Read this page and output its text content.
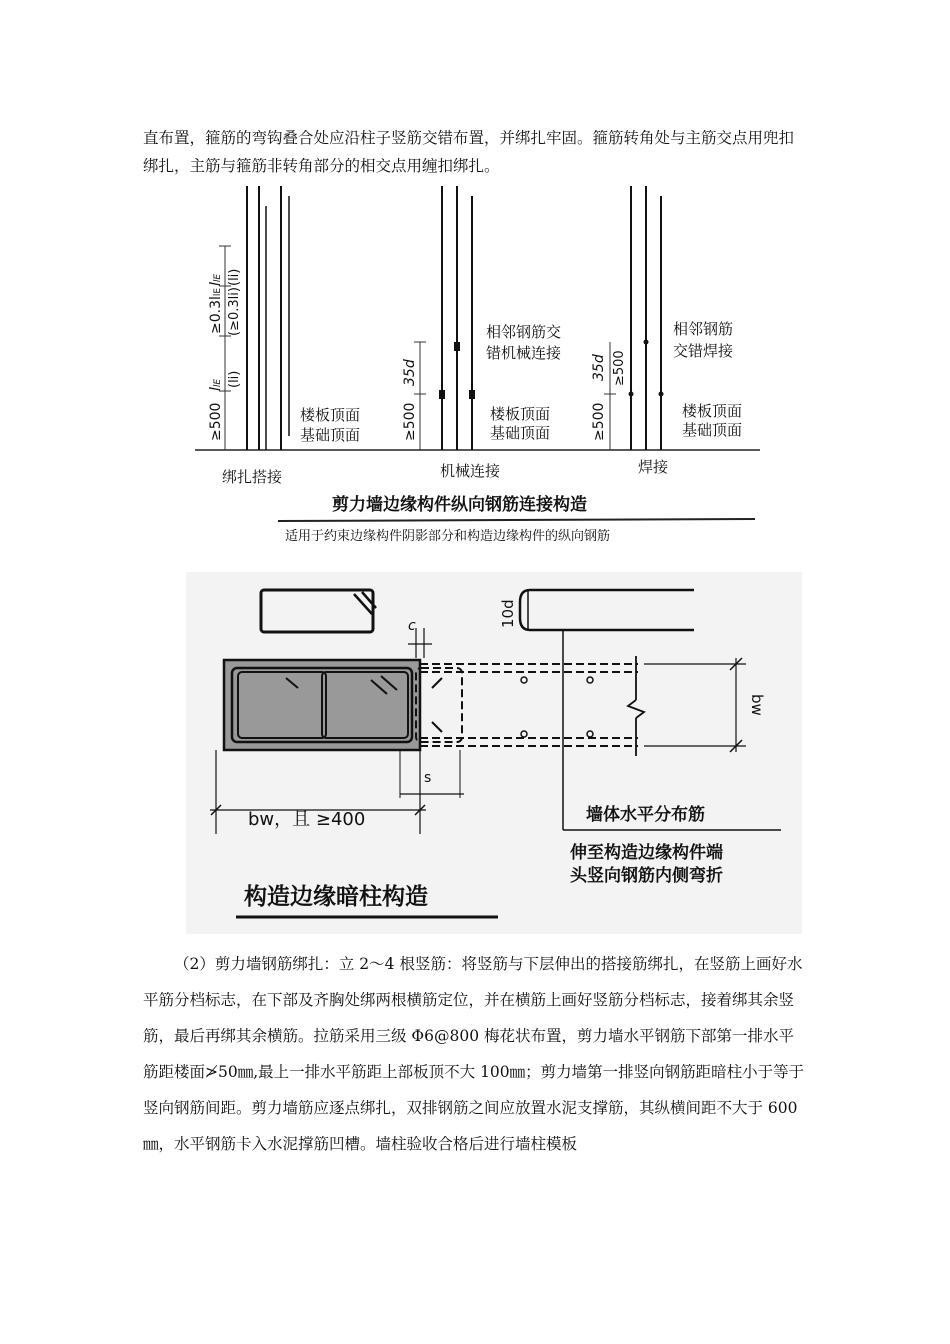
直布置，箍筋的弯钩叠合处应沿柱子竖筋交错布置，并绑扎牢固。箍筋转角处与主筋交点用兜扣绑扎，主筋与箍筋非转角部分的相交点用缠扣绑扎。

≥500
llE (li)
≥0.3llE (≥0.3li)
llE (li)
楼板顶面
基础顶面
绑扎搭接
35d
≥500
相邻钢筋交
错机械连接
楼板顶面
基础顶面
机械连接
35d ≥500
≥500
相邻钢筋
交错焊接
楼板顶面
基础顶面
焊接
剪力墙边缘构件纵向钢筋连接构造
适用于约束边缘构件阴影部分和构造边缘构件的纵向钢筋
10d
c
bw
bw，且 ≥400
s
墙体水平分布筋
伸至构造边缘构件端
头竖向钢筋内侧弯折
构造边缘暗柱构造

（2）剪力墙钢筋绑扎：立 2～4 根竖筋：将竖筋与下层伸出的搭接筋绑扎，在竖筋上画好水平筋分档标志，在下部及齐胸处绑两根横筋定位，并在横筋上画好竖筋分档标志，接着绑其余竖筋，最后再绑其余横筋。拉筋采用三级 Φ6@800 梅花状布置，剪力墙水平钢筋下部第一排水平筋距楼面≯50㎜,最上一排水平筋距上部板顶不大 100㎜；剪力墙第一排竖向钢筋距暗柱小于等于竖向钢筋间距。剪力墙筋应逐点绑扎，双排钢筋之间应放置水泥支撑筋，其纵横间距不大于 600㎜，水平钢筋卡入水泥撑筋凹槽。墙柱验收合格后进行墙柱模板
